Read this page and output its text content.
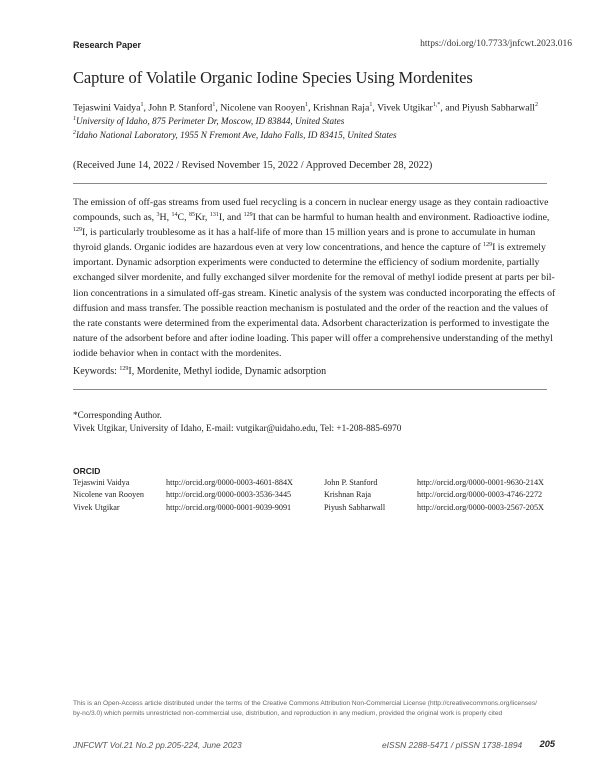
Research Paper	https://doi.org/10.7733/jnfcwt.2023.016
Capture of Volatile Organic Iodine Species Using Mordenites
Tejaswini Vaidya$^1$, John P. Stanford$^1$, Nicolene van Rooyen$^1$, Krishnan Raja$^1$, Vivek Utgikar$^{1,*}$, and Piyush Sabharwall$^2$
$^1$University of Idaho, 875 Perimeter Dr, Moscow, ID 83844, United States
$^2$Idaho National Laboratory, 1955 N Fremont Ave, Idaho Falls, ID 83415, United States
(Received June 14, 2022 / Revised November 15, 2022 / Approved December 28, 2022)
The emission of off-gas streams from used fuel recycling is a concern in nuclear energy usage as they contain radioactive
compounds, such as, $^3$H, $^{14}$C, $^{85}$Kr, $^{131}$I, and $^{129}$I that can be harmful to human health and environment. Radioactive iodine,
$^{129}$I, is particularly troublesome as it has a half-life of more than 15 million years and is prone to accumulate in human
thyroid glands. Organic iodides are hazardous even at very low concentrations, and hence the capture of $^{129}$I is extremely
important. Dynamic adsorption experiments were conducted to determine the efficiency of sodium mordenite, partially
exchanged silver mordenite, and fully exchanged silver mordenite for the removal of methyl iodide present at parts per bil-
lion concentrations in a simulated off-gas stream. Kinetic analysis of the system was conducted incorporating the effects of
diffusion and mass transfer. The possible reaction mechanism is postulated and the order of the reaction and the values of
the rate constants were determined from the experimental data. Adsorbent characterization is performed to investigate the
nature of the adsorbent before and after iodine loading. This paper will offer a comprehensive understanding of the methyl
iodide behavior when in contact with the mordenites.
Keywords: $^{129}$I, Mordenite, Methyl iodide, Dynamic adsorption
*Corresponding Author.
Vivek Utgikar, University of Idaho, E-mail: vutgikar@uidaho.edu, Tel: +1-208-885-6970
ORCID
Tejaswini Vaidya	http://orcid.org/0000-0003-4601-884X	John P. Stanford	http://orcid.org/0000-0001-9630-214X
Nicolene van Rooyen	http://orcid.org/0000-0003-3536-3445	Krishnan Raja	http://orcid.org/0000-0003-4746-2272
Vivek Utgikar	http://orcid.org/0000-0001-9039-9091	Piyush Sabharwall	http://orcid.org/0000-0003-2567-205X
This is an Open-Access article distributed under the terms of the Creative Commons Attribution Non-Commercial License (http://creativecommons.org/licenses/
by-nc/3.0) which permits unrestricted non-commercial use, distribution, and reproduction in any medium, provided the original work is properly cited
JNFCWT Vol.21 No.2 pp.205-224, June 2023	eISSN 2288-5471 / pISSN 1738-1894 205
